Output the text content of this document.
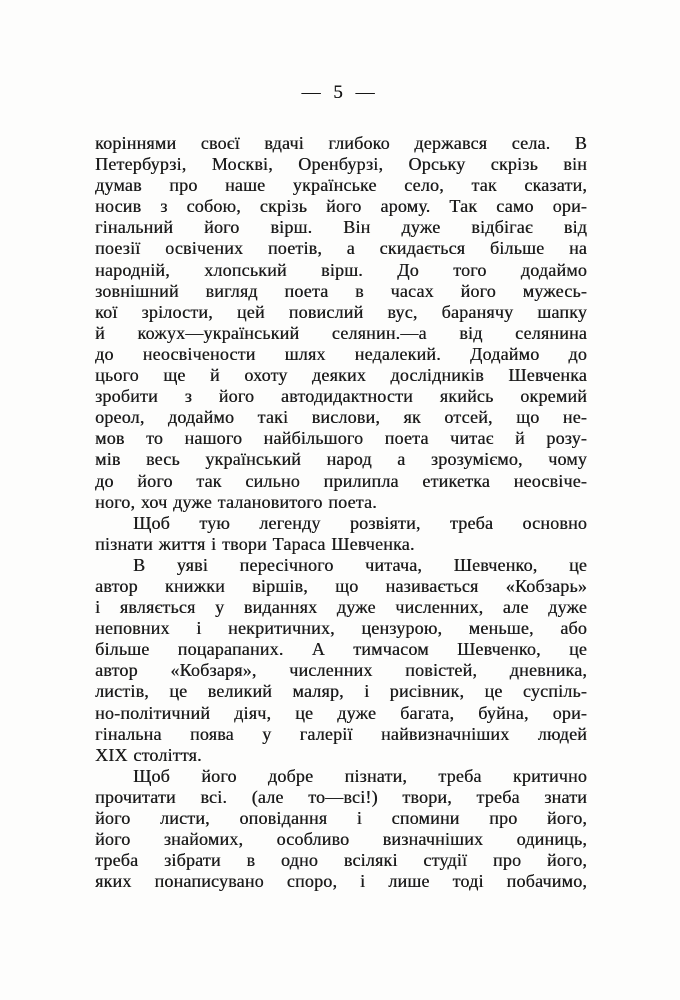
— 5 —
коріннями своєї вдачі глибоко держався села. В
Петербурзі, Москві, Оренбурзі, Орську скрізь він
думав про наше українське село, так сказати,
носив з собою, скрізь його арому. Так само ори-
гінальний його вірш. Він дуже відбігає від
поезії освічених поетів, а скидається більше на
народній, хлопський вірш. До того додаймо
зовнішний вигляд поета в часах його мужесь-
кої зрілости, цей повислий вус, баранячу шапку
й кожух—український селянин.—а від селянина
до неосвічености шлях недалекий. Додаймо до
цього ще й охоту деяких дослідників Шевченка
зробити з його автодидактности якийсь окремий
ореол, додаймо такі вислови, як отсей, що не-
мов то нашого найбільшого поета читає й розу-
мів весь український народ а зрозуміємо, чому
до його так сильно прилипла етикетка неосвіче-
ного, хоч дуже талановитого поета.
Щоб тую легенду розвіяти, треба основно
пізнати життя і твори Тараса Шевченка.
В уяві пересічного читача, Шевченко, це
автор книжки віршів, що називається «Кобзарь»
і являється у виданнях дуже численних, але дуже
неповних і некритичних, цензурою, меньше, або
більше поцарапаних. А тимчасом Шевченко, це
автор «Кобзаря», численних повістей, дневника,
листів, це великий маляр, і рисівник, це суспіль-
но-політичний діяч, це дуже багата, буйна, ори-
гінальна поява у галерії найвизначніших людей
XIX століття.
Щоб його добре пізнати, треба критично
прочитати всі. (але то—всі!) твори, треба знати
його листи, оповідання і спомини про його,
його знайомих, особливо визначніших одиниць,
треба зібрати в одно всілякі студії про його,
яких понаписувано споро, і лише тоді побачимо,
